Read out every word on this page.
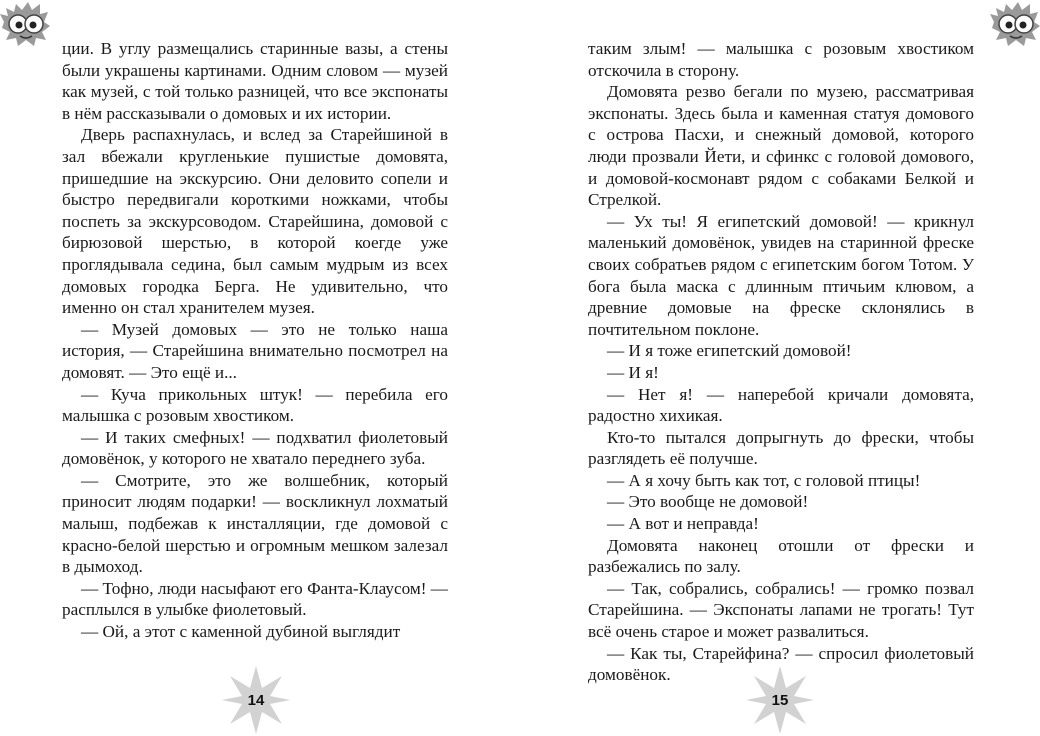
ции. В углу размещались старинные вазы, а стены были украшены картинами. Одним словом — музей как музей, с той только разницей, что все экспонаты в нём рассказывали о домовых и их истории.

Дверь распахнулась, и вслед за Старейшиной в зал вбежали кругленькие пушистые домовята, пришедшие на экскурсию. Они деловито сопели и быстро передвигали короткими ножками, чтобы поспеть за экскурсоводом. Старейшина, домовой с бирюзовой шерстью, в которой коегде уже проглядывала седина, был самым мудрым из всех домовых городка Берга. Не удивительно, что именно он стал хранителем музея.

— Музей домовых — это не только наша история, — Старейшина внимательно посмотрел на домовят. — Это ещё и...

— Куча прикольных штук! — перебила его малышка с розовым хвостиком.

— И таких смефных! — подхватил фиолетовый домовёнок, у которого не хватало переднего зуба.

— Смотрите, это же волшебник, который приносит людям подарки! — воскликнул лохматый малыш, подбежав к инсталляции, где домовой с красно-белой шерстью и огромным мешком залезал в дымоход.

— Тофно, люди насыфают его Фанта-Клаусом! — расплылся в улыбке фиолетовый.

— Ой, а этот с каменной дубиной выглядит

14

таким злым! — малышка с розовым хвостиком отскочила в сторону.

Домовята резво бегали по музею, рассматривая экспонаты. Здесь была и каменная статуя домового с острова Пасхи, и снежный домовой, которого люди прозвали Йети, и сфинкс с головой домового, и домовой-космонавт рядом с собаками Белкой и Стрелкой.

— Ух ты! Я египетский домовой! — крикнул маленький домовёнок, увидев на старинной фреске своих собратьев рядом с египетским богом Тотом. У бога была маска с длинным птичьим клювом, а древние домовые на фреске склонялись в почтительном поклоне.

— И я тоже египетский домовой!

— И я!

— Нет я! — наперебой кричали домовята, радостно хихикая.

Кто-то пытался допрыгнуть до фрески, чтобы разглядеть её получше.

— А я хочу быть как тот, с головой птицы!

— Это вообще не домовой!

— А вот и неправда!

Домовята наконец отошли от фрески и разбежались по залу.

— Так, собрались, собрались! — громко позвал Старейшина. — Экспонаты лапами не трогать! Тут всё очень старое и может развалиться.

— Как ты, Старейфина? — спросил фиолетовый домовёнок.

15
